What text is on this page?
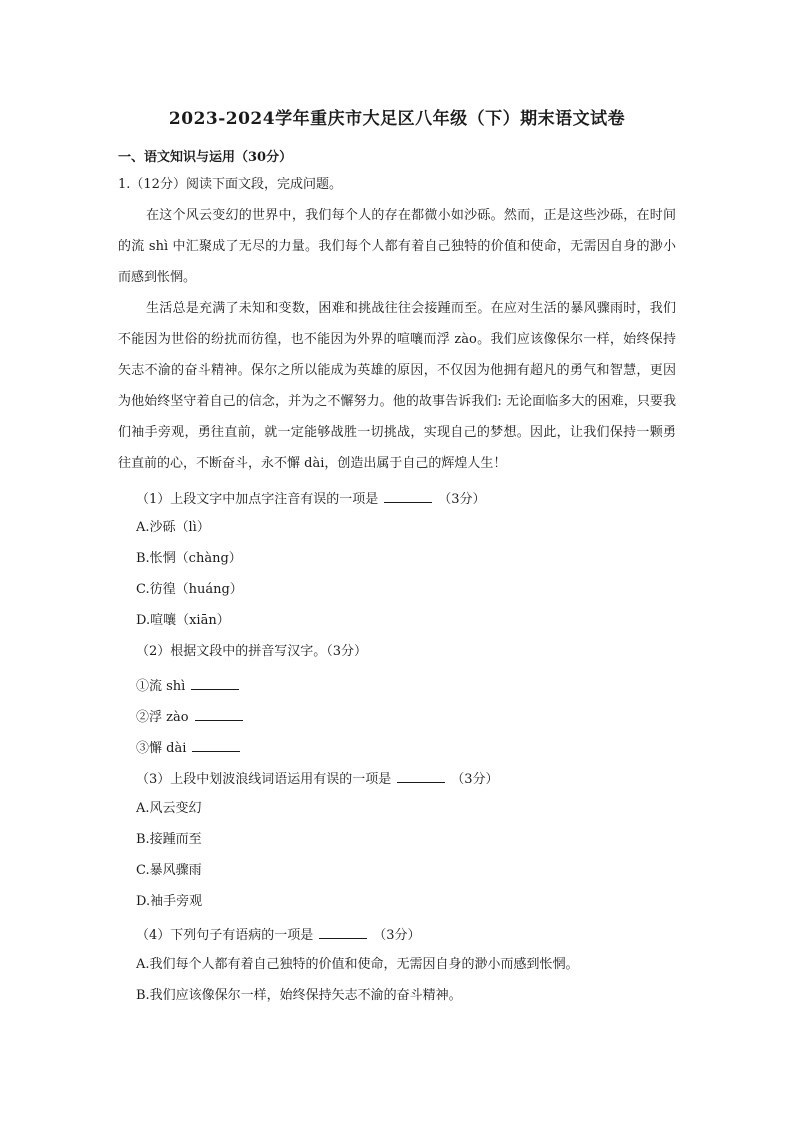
2023-2024学年重庆市大足区八年级（下）期末语文试卷
一、语文知识与运用（30分）
1.（12分）阅读下面文段，完成问题。
在这个风云变幻的世界中，我们每个人的存在都微小如沙砾。然而，正是这些沙砾，在时间的流 shì 中汇聚成了无尽的力量。我们每个人都有着自己独特的价值和使命，无需因自身的渺小而感到怅惘。
生活总是充满了未知和变数，困难和挑战往往会接踵而至。在应对生活的暴风骤雨时，我们不能因为世俗的纷扰而彷徨，也不能因为外界的喧嚷而浮 zào。我们应该像保尔一样，始终保持矢志不渝的奋斗精神。保尔之所以能成为英雄的原因，不仅因为他拥有超凡的勇气和智慧，更因为他始终坚守着自己的信念，并为之不懈努力。他的故事告诉我们: 无论面临多大的困难，只要我们袖手旁观，勇往直前，就一定能够战胜一切挑战，实现自己的梦想。因此，让我们保持一颗勇往直前的心，不断奋斗，永不懈 dài，创造出属于自己的辉煌人生！
（1）上段文字中加点字注音有误的一项是	（3分）
A.沙砾（lì）
B.怅惘（chàng）
C.彷徨（huáng）
D.喧嚷（xiān）
（2）根据文段中的拼音写汉字。（3分）
①流 shì
②浮 zào
③懈 dài
（3）上段中划波浪线词语运用有误的一项是	（3分）
A.风云变幻
B.接踵而至
C.暴风骤雨
D.袖手旁观
（4）下列句子有语病的一项是	（3分）
A.我们每个人都有着自己独特的价值和使命，无需因自身的渺小而感到怅惘。
B.我们应该像保尔一样，始终保持矢志不渝的奋斗精神。
